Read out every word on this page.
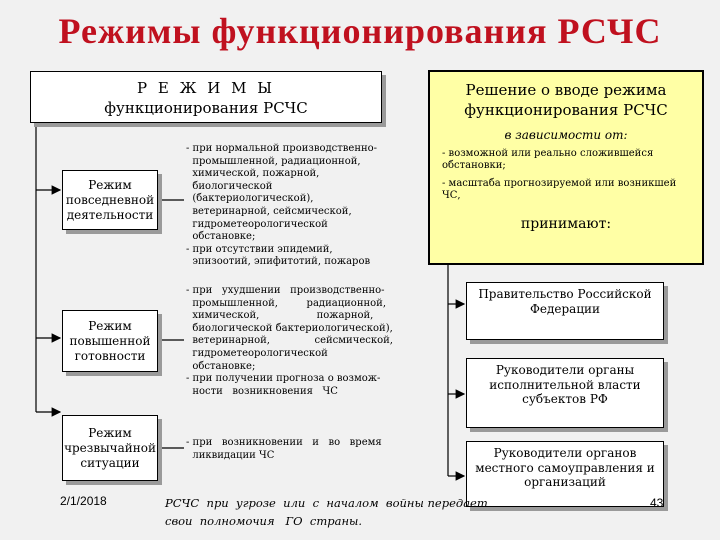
Режимы функционирования РСЧС
Р Е Ж И М Ы
функционирования РСЧС
Режим повседневной деятельности
Режим повышенной готовности
Режим чрезвычайной ситуации
- при нормальной производственно-
промышленной, радиационной,
химической, пожарной,
биологической
(бактериологической),
ветеринарной, сейсмической,
гидрометеорологической
обстановке;
- при отсутствии эпидемий,
эпизоотий, эпифитотий, пожаров
- при   ухудшении   производственно-
промышленной,         радиационной,
химической,                  пожарной,
биологической бактериологической),
ветеринарной,              сейсмической,
гидрометеорологической
обстановке;
- при получении прогноза о возмож-
ности   возникновения   ЧС
- при   возникновении   и   во   время
ликвидации ЧС
Решение о вводе режима функционирования РСЧС
в зависимости от:
- возможной или реально сложившейся обстановки;
- масштаба прогнозируемой или возникшей ЧС,
принимают:
Правительство Российской Федерации
Руководители органы исполнительной власти субъектов РФ
Руководители органов местного самоуправления и организаций
2/1/2018	РСЧС  при  угрозе  или  с  началом  войны передает
свои  полномочия   ГО  страны.
43
